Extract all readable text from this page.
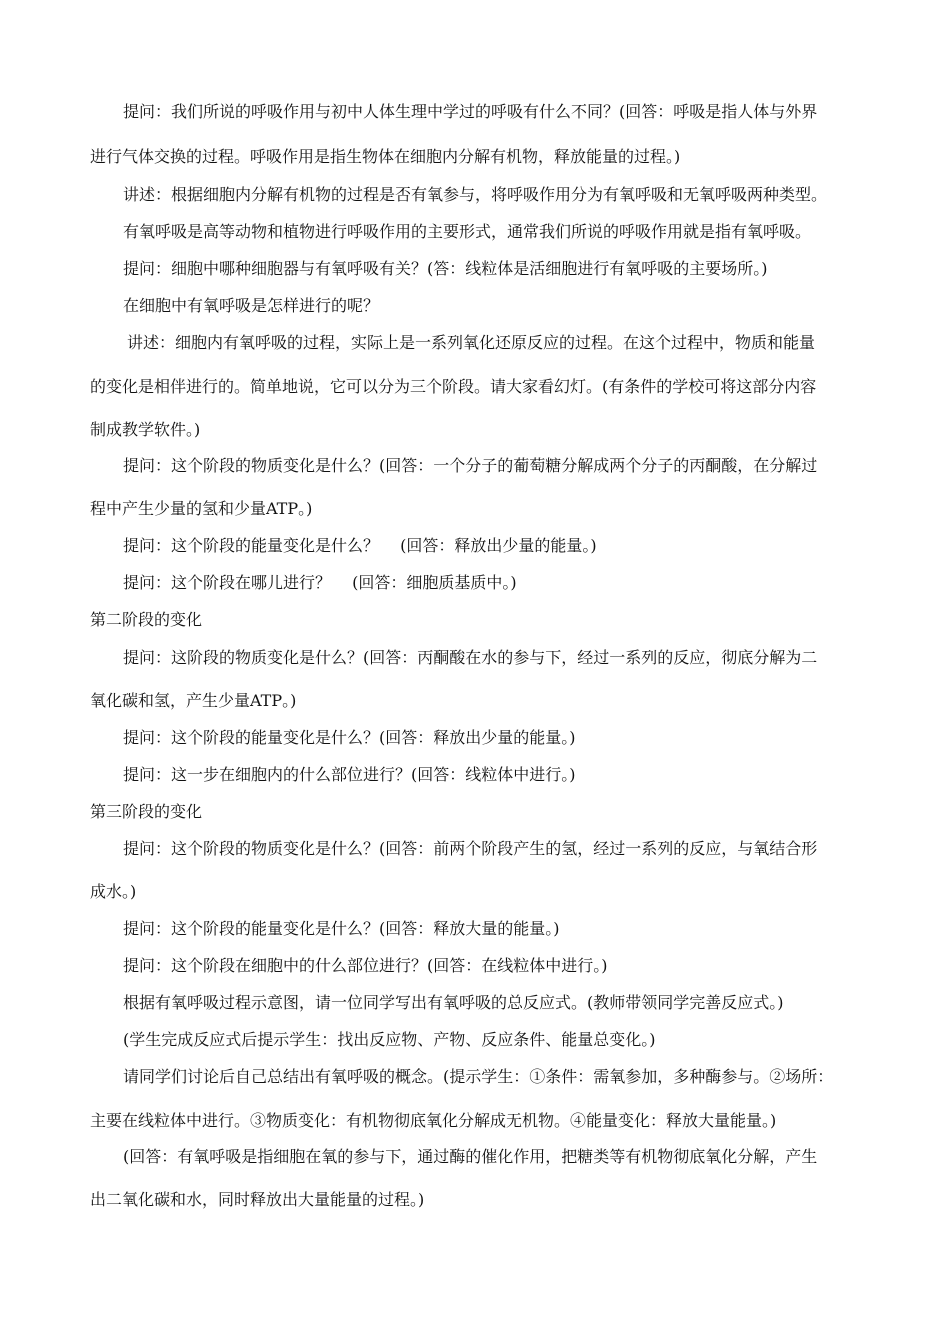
提问：我们所说的呼吸作用与初中人体生理中学过的呼吸有什么不同？(回答：呼吸是指人体与外界
进行气体交换的过程。呼吸作用是指生物体在细胞内分解有机物，释放能量的过程。)
讲述：根据细胞内分解有机物的过程是否有氧参与，将呼吸作用分为有氧呼吸和无氧呼吸两种类型。
有氧呼吸是高等动物和植物进行呼吸作用的主要形式，通常我们所说的呼吸作用就是指有氧呼吸。
提问：细胞中哪种细胞器与有氧呼吸有关？(答：线粒体是活细胞进行有氧呼吸的主要场所。)
在细胞中有氧呼吸是怎样进行的呢？
讲述：细胞内有氧呼吸的过程，实际上是一系列氧化还原反应的过程。在这个过程中，物质和能量
的变化是相伴进行的。简单地说，它可以分为三个阶段。请大家看幻灯。(有条件的学校可将这部分内容
制成教学软件。)
提问：这个阶段的物质变化是什么？(回答：一个分子的葡萄糖分解成两个分子的丙酮酸，在分解过
程中产生少量的氢和少量ATP。)
提问：这个阶段的能量变化是什么？　 (回答：释放出少量的能量。)
提问：这个阶段在哪儿进行？　 (回答：细胞质基质中。)
第二阶段的变化
提问：这阶段的物质变化是什么？(回答：丙酮酸在水的参与下，经过一系列的反应，彻底分解为二
氧化碳和氢，产生少量ATP。)
提问：这个阶段的能量变化是什么？(回答：释放出少量的能量。)
提问：这一步在细胞内的什么部位进行？(回答：线粒体中进行。)
第三阶段的变化
提问：这个阶段的物质变化是什么？(回答：前两个阶段产生的氢，经过一系列的反应，与氧结合形
成水。)
提问：这个阶段的能量变化是什么？(回答：释放大量的能量。)
提问：这个阶段在细胞中的什么部位进行？(回答：在线粒体中进行。)
根据有氧呼吸过程示意图，请一位同学写出有氧呼吸的总反应式。(教师带领同学完善反应式。)
(学生完成反应式后提示学生：找出反应物、产物、反应条件、能量总变化。)
请同学们讨论后自己总结出有氧呼吸的概念。(提示学生：①条件：需氧参加，多种酶参与。②场所：
主要在线粒体中进行。③物质变化：有机物彻底氧化分解成无机物。④能量变化：释放大量能量。)
(回答：有氧呼吸是指细胞在氧的参与下，通过酶的催化作用，把糖类等有机物彻底氧化分解，产生
出二氧化碳和水，同时释放出大量能量的过程。)
